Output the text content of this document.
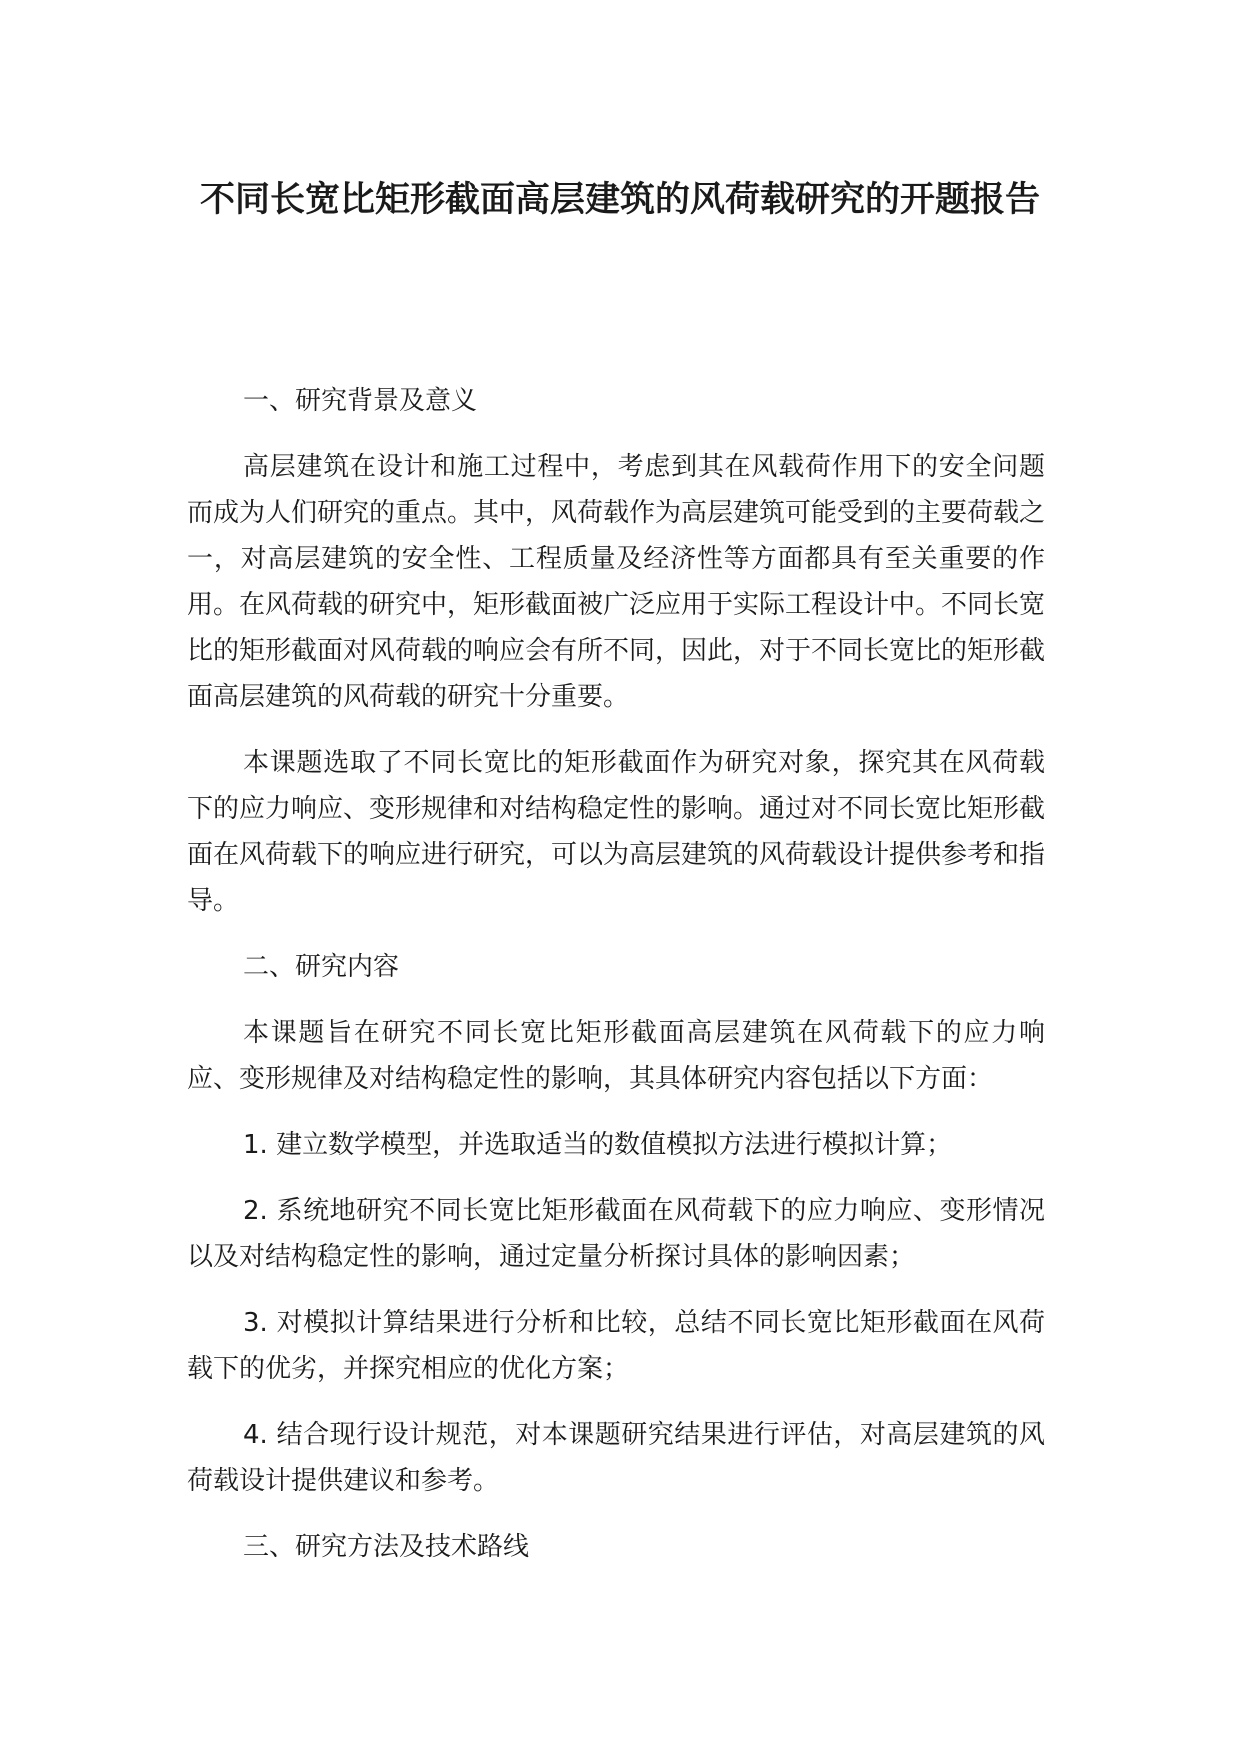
不同长宽比矩形截面高层建筑的风荷载研究的开题报告

一、研究背景及意义

高层建筑在设计和施工过程中，考虑到其在风载荷作用下的安全问题而成为人们研究的重点。其中，风荷载作为高层建筑可能受到的主要荷载之一，对高层建筑的安全性、工程质量及经济性等方面都具有至关重要的作用。在风荷载的研究中，矩形截面被广泛应用于实际工程设计中。不同长宽比的矩形截面对风荷载的响应会有所不同，因此，对于不同长宽比的矩形截面高层建筑的风荷载的研究十分重要。

本课题选取了不同长宽比的矩形截面作为研究对象，探究其在风荷载下的应力响应、变形规律和对结构稳定性的影响。通过对不同长宽比矩形截面在风荷载下的响应进行研究，可以为高层建筑的风荷载设计提供参考和指导。

二、研究内容

本课题旨在研究不同长宽比矩形截面高层建筑在风荷载下的应力响应、变形规律及对结构稳定性的影响，其具体研究内容包括以下方面：

1. 建立数学模型，并选取适当的数值模拟方法进行模拟计算；

2. 系统地研究不同长宽比矩形截面在风荷载下的应力响应、变形情况以及对结构稳定性的影响，通过定量分析探讨具体的影响因素；

3. 对模拟计算结果进行分析和比较，总结不同长宽比矩形截面在风荷载下的优劣，并探究相应的优化方案；

4. 结合现行设计规范，对本课题研究结果进行评估，对高层建筑的风荷载设计提供建议和参考。

三、研究方法及技术路线
